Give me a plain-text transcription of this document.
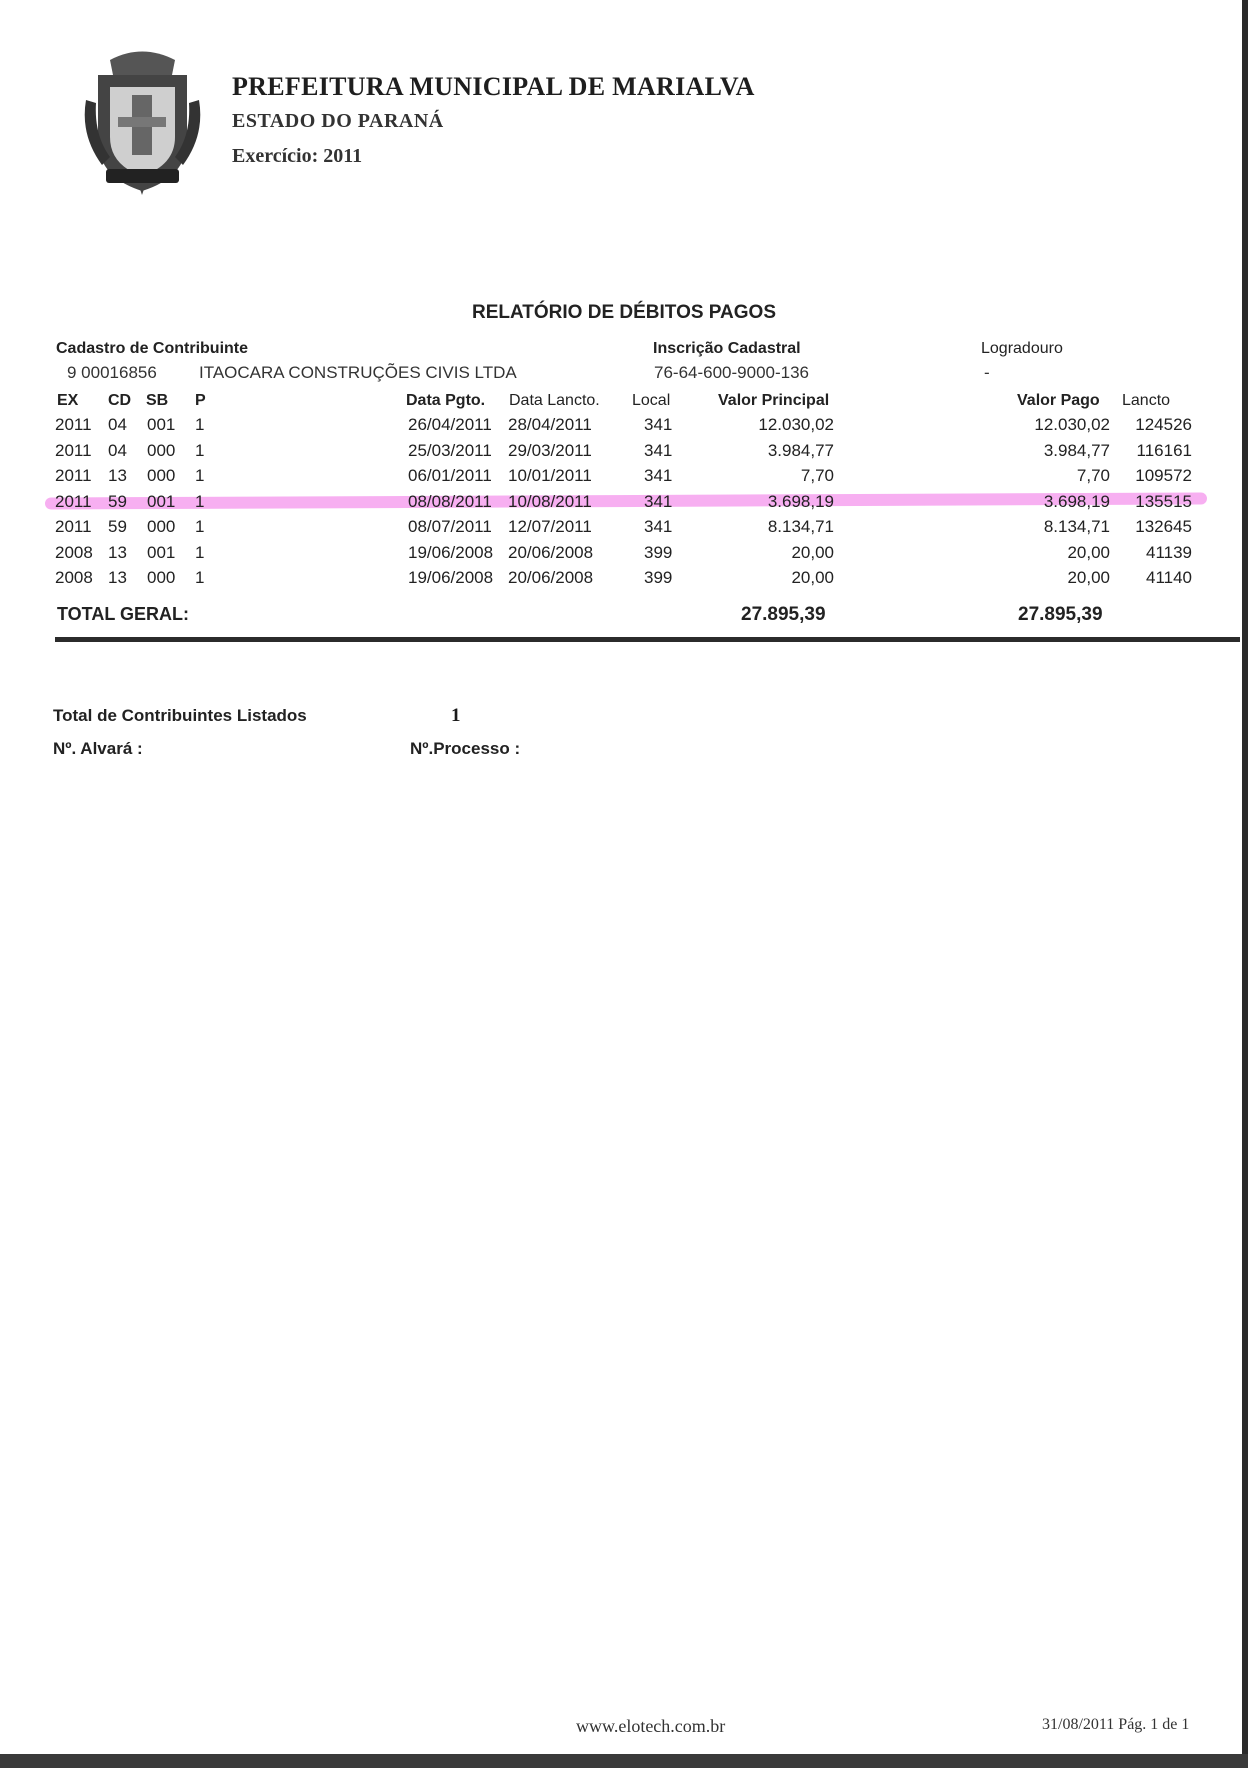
PREFEITURA MUNICIPAL DE MARIALVA
ESTADO DO PARANÁ
Exercício: 2011
RELATÓRIO DE DÉBITOS PAGOS
Cadastro de Contribuinte
9 00016856 ITAOCARA CONSTRUÇÕES CIVIS LTDA
Inscrição Cadastral
76-64-600-9000-136
Logradouro
-
EX CD SB P	Data Pgto. Data Lancto. Local	Valor Principal	Valor Pago Lancto
2011 04 001 1	26/04/2011 28/04/2011	341	12.030,02	12.030,02 124526
2011 04 000 1	25/03/2011 29/03/2011	341	3.984,77	3.984,77 116161
2011 13 000 1	06/01/2011 10/01/2011	341	7,70	7,70 109572
2011 59 001 1	08/08/2011 10/08/2011	341	3.698,19	3.698,19 135515
2011 59 000 1	08/07/2011 12/07/2011	341	8.134,71	8.134,71 132645
2008 13 001 1	19/06/2008 20/06/2008	399	20,00	20,00 41139
2008 13 000 1	19/06/2008 20/06/2008	399	20,00	20,00 41140
TOTAL GERAL:	27.895,39	27.895,39
Total de Contribuintes Listados	1
Nº. Alvará :	Nº.Processo :
www.elotech.com.br	31/08/2011 Pág. 1 de 1
